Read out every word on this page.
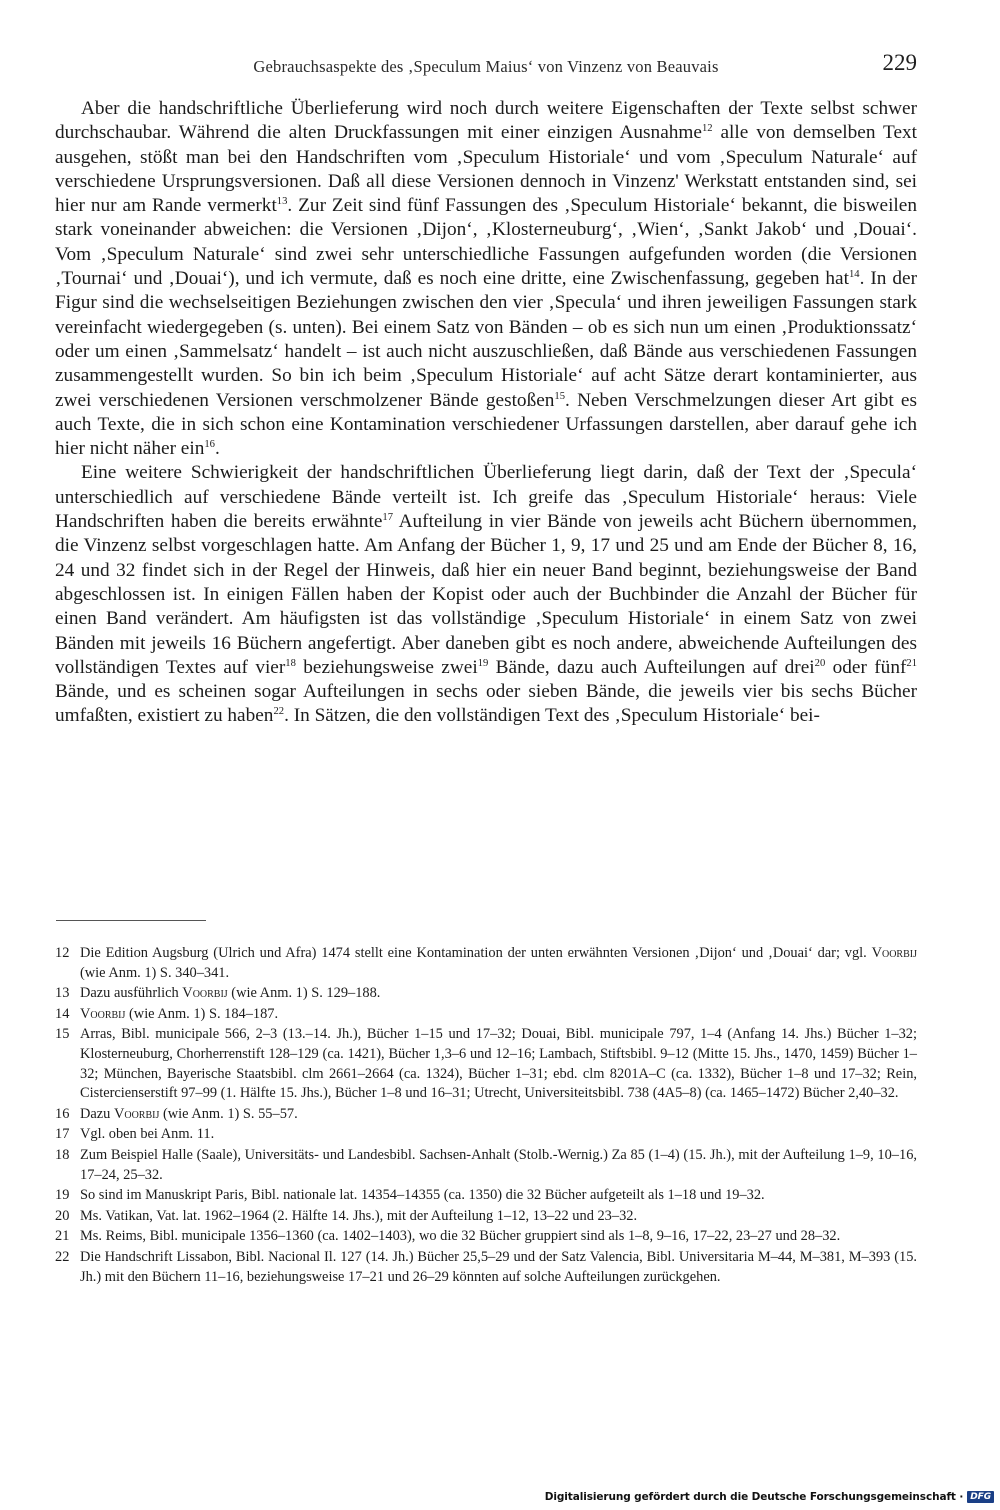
Gebrauchsaspekte des ‚Speculum Maius‘ von Vinzenz von Beauvais	229

Aber die handschriftliche Überlieferung wird noch durch weitere Eigenschaften der Texte selbst schwer durchschaubar. Während die alten Druckfassungen mit einer einzigen Ausnahme$^{12}$ alle von demselben Text ausgehen, stößt man bei den Handschriften vom ‚Speculum Historiale‘ und vom ‚Speculum Naturale‘ auf verschiedene Ursprungsversionen. Daß all diese Versionen dennoch in Vinzenz' Werkstatt entstanden sind, sei hier nur am Rande vermerkt$^{13}$. Zur Zeit sind fünf Fassungen des ‚Speculum Historiale‘ bekannt, die bisweilen stark voneinander abweichen: die Versionen ‚Dijon‘, ‚Klosterneuburg‘, ‚Wien‘, ‚Sankt Jakob‘ und ‚Douai‘. Vom ‚Speculum Naturale‘ sind zwei sehr unterschiedliche Fassungen aufgefunden worden (die Versionen ‚Tournai‘ und ‚Douai‘), und ich vermute, daß es noch eine dritte, eine Zwischenfassung, gegeben hat$^{14}$. In der Figur sind die wechselseitigen Beziehungen zwischen den vier ‚Specula‘ und ihren jeweiligen Fassungen stark vereinfacht wiedergegeben (s. unten). Bei einem Satz von Bänden – ob es sich nun um einen ‚Produktionssatz‘ oder um einen ‚Sammelsatz‘ handelt – ist auch nicht auszuschließen, daß Bände aus verschiedenen Fassungen zusammengestellt wurden. So bin ich beim ‚Speculum Historiale‘ auf acht Sätze derart kontaminierter, aus zwei verschiedenen Versionen verschmolzener Bände gestoßen$^{15}$. Neben Verschmelzungen dieser Art gibt es auch Texte, die in sich schon eine Kontamination verschiedener Urfassungen darstellen, aber darauf gehe ich hier nicht näher ein$^{16}$.

Eine weitere Schwierigkeit der handschriftlichen Überlieferung liegt darin, daß der Text der ‚Specula‘ unterschiedlich auf verschiedene Bände verteilt ist. Ich greife das ‚Speculum Historiale‘ heraus: Viele Handschriften haben die bereits erwähnte$^{17}$ Aufteilung in vier Bände von jeweils acht Büchern übernommen, die Vinzenz selbst vorgeschlagen hatte. Am Anfang der Bücher 1, 9, 17 und 25 und am Ende der Bücher 8, 16, 24 und 32 findet sich in der Regel der Hinweis, daß hier ein neuer Band beginnt, beziehungsweise der Band abgeschlossen ist. In einigen Fällen haben der Kopist oder auch der Buchbinder die Anzahl der Bücher für einen Band verändert. Am häufigsten ist das vollständige ‚Speculum Historiale‘ in einem Satz von zwei Bänden mit jeweils 16 Büchern angefertigt. Aber daneben gibt es noch andere, abweichende Aufteilungen des vollständigen Textes auf vier$^{18}$ beziehungsweise zwei$^{19}$ Bände, dazu auch Aufteilungen auf drei$^{20}$ oder fünf$^{21}$ Bände, und es scheinen sogar Aufteilungen in sechs oder sieben Bände, die jeweils vier bis sechs Bücher umfaßten, existiert zu haben$^{22}$. In Sätzen, die den vollständigen Text des ‚Speculum Historiale‘ bei-

12 Die Edition Augsburg (Ulrich und Afra) 1474 stellt eine Kontamination der unten erwähnten Versionen ‚Dijon‘ und ‚Douai‘ dar; vgl. Voorbij (wie Anm. 1) S. 340–341.
13 Dazu ausführlich Voorbij (wie Anm. 1) S. 129–188.
14 Voorbij (wie Anm. 1) S. 184–187.
15 Arras, Bibl. municipale 566, 2–3 (13.–14. Jh.), Bücher 1–15 und 17–32; Douai, Bibl. municipale 797, 1–4 (Anfang 14. Jhs.) Bücher 1–32; Klosterneuburg, Chorherrenstift 128–129 (ca. 1421), Bücher 1,3–6 und 12–16; Lambach, Stiftsbibl. 9–12 (Mitte 15. Jhs., 1470, 1459) Bücher 1–32; München, Bayerische Staatsbibl. clm 2661–2664 (ca. 1324), Bücher 1–31; ebd. clm 8201A–C (ca. 1332), Bücher 1–8 und 17–32; Rein, Cistercienserstift 97–99 (1. Hälfte 15. Jhs.), Bücher 1–8 und 16–31; Utrecht, Universiteitsbibl. 738 (4A5–8) (ca. 1465–1472) Bücher 2,40–32.
16 Dazu Voorbij (wie Anm. 1) S. 55–57.
17 Vgl. oben bei Anm. 11.
18 Zum Beispiel Halle (Saale), Universitäts- und Landesbibl. Sachsen-Anhalt (Stolb.-Wernig.) Za 85 (1–4) (15. Jh.), mit der Aufteilung 1–9, 10–16, 17–24, 25–32.
19 So sind im Manuskript Paris, Bibl. nationale lat. 14354–14355 (ca. 1350) die 32 Bücher aufgeteilt als 1–18 und 19–32.
20 Ms. Vatikan, Vat. lat. 1962–1964 (2. Hälfte 14. Jhs.), mit der Aufteilung 1–12, 13–22 und 23–32.
21 Ms. Reims, Bibl. municipale 1356–1360 (ca. 1402–1403), wo die 32 Bücher gruppiert sind als 1–8, 9–16, 17–22, 23–27 und 28–32.
22 Die Handschrift Lissabon, Bibl. Nacional Il. 127 (14. Jh.) Bücher 25,5–29 und der Satz Valencia, Bibl. Universitaria M–44, M–381, M–393 (15. Jh.) mit den Büchern 11–16, beziehungsweise 17–21 und 26–29 könnten auf solche Aufteilungen zurückgehen.
Digitalisierung gefördert durch die Deutsche Forschungsgemeinschaft · DFG
